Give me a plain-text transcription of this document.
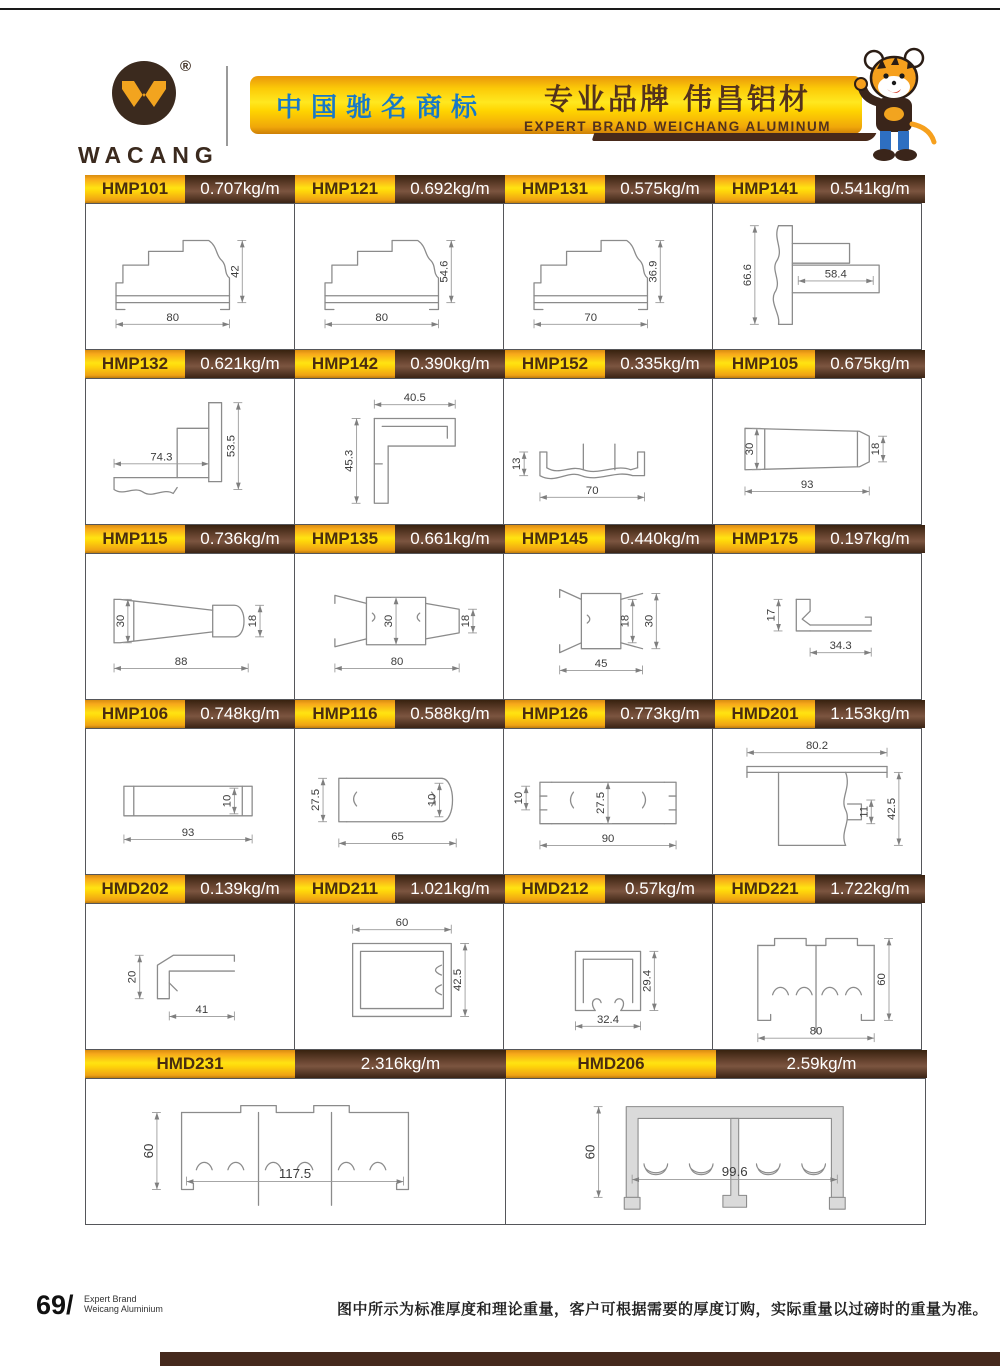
®
WACANG
中国驰名商标 专业品牌 伟昌铝材
EXPERT BRAND WEICHANG ALUMINUM
HMP101	0.707kg/m	HMP121	0.692kg/m	HMP131	0.575kg/m	HMP141	0.541kg/m
80
42
80
54.6
70
36.9	66.6	58.4
HMP132	0.621kg/m	HMP142	0.390kg/m	HMP152	0.335kg/m	HMP105	0.675kg/m
74.3
53.5
40.5
45.3	13
70
30
93
18
HMP115	0.736kg/m	HMP135	0.661kg/m	HMP145	0.440kg/m	HMP175	0.197kg/m
30
88
18	30
80
18
45
18 30	17
34.3
HMP106	0.748kg/m	HMP116	0.588kg/m	HMP126	0.773kg/m	HMD201	1.153kg/m
93
10	27.5
65
10	10	27.5
90
80.2
42.5
11
HMD202	0.139kg/m	HMD211	1.021kg/m	HMD212	0.57kg/m	HMD221	1.722kg/m
20
41
60
42.5
32.4
29.4
80
60
HMD231	2.316kg/m	HMD206	2.59kg/m
60
117.5
60
99.6
69/ Expert Brand
Weicang Aluminium	图中所示为标准厚度和理论重量，客户可根据需要的厚度订购，实际重量以过磅时的重量为准。
